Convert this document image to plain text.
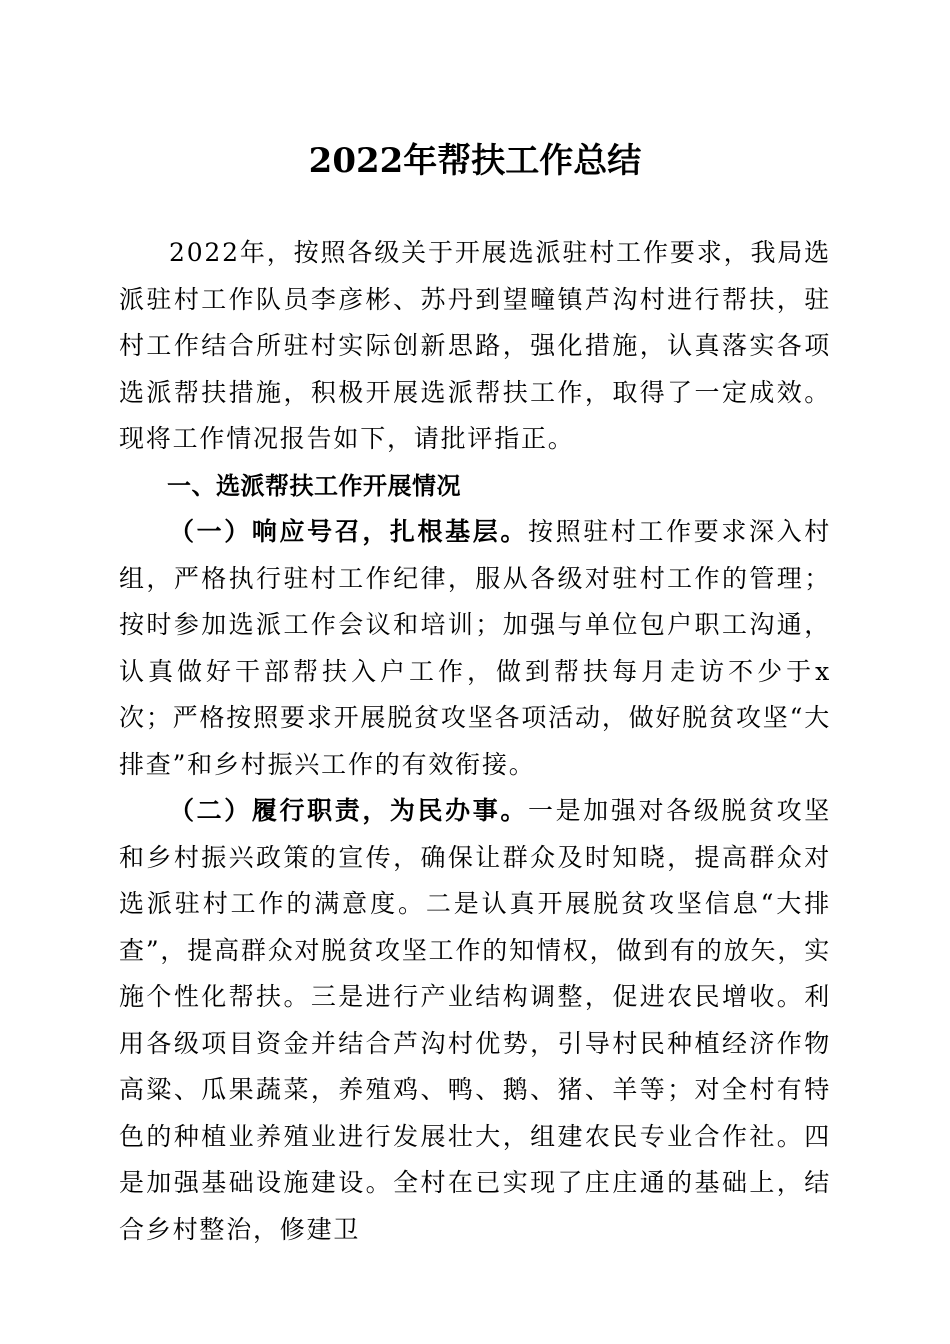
2022年帮扶工作总结

2022年，按照各级关于开展选派驻村工作要求，我局选派驻村工作队员李彦彬、苏丹到望疃镇芦沟村进行帮扶，驻村工作结合所驻村实际创新思路，强化措施，认真落实各项选派帮扶措施，积极开展选派帮扶工作，取得了一定成效。现将工作情况报告如下，请批评指正。

一、选派帮扶工作开展情况

（一）响应号召，扎根基层。按照驻村工作要求深入村组，严格执行驻村工作纪律，服从各级对驻村工作的管理；按时参加选派工作会议和培训；加强与单位包户职工沟通，认真做好干部帮扶入户工作，做到帮扶每月走访不少于x次；严格按照要求开展脱贫攻坚各项活动，做好脱贫攻坚“大排查”和乡村振兴工作的有效衔接。

（二）履行职责，为民办事。一是加强对各级脱贫攻坚和乡村振兴政策的宣传，确保让群众及时知晓，提高群众对选派驻村工作的满意度。二是认真开展脱贫攻坚信息“大排查”，提高群众对脱贫攻坚工作的知情权，做到有的放矢，实施个性化帮扶。三是进行产业结构调整，促进农民增收。利用各级项目资金并结合芦沟村优势，引导村民种植经济作物高粱、瓜果蔬菜，养殖鸡、鸭、鹅、猪、羊等；对全村有特色的种植业养殖业进行发展壮大，组建农民专业合作社。四是加强基础设施建设。全村在已实现了庄庄通的基础上，结合乡村整治，修建卫
